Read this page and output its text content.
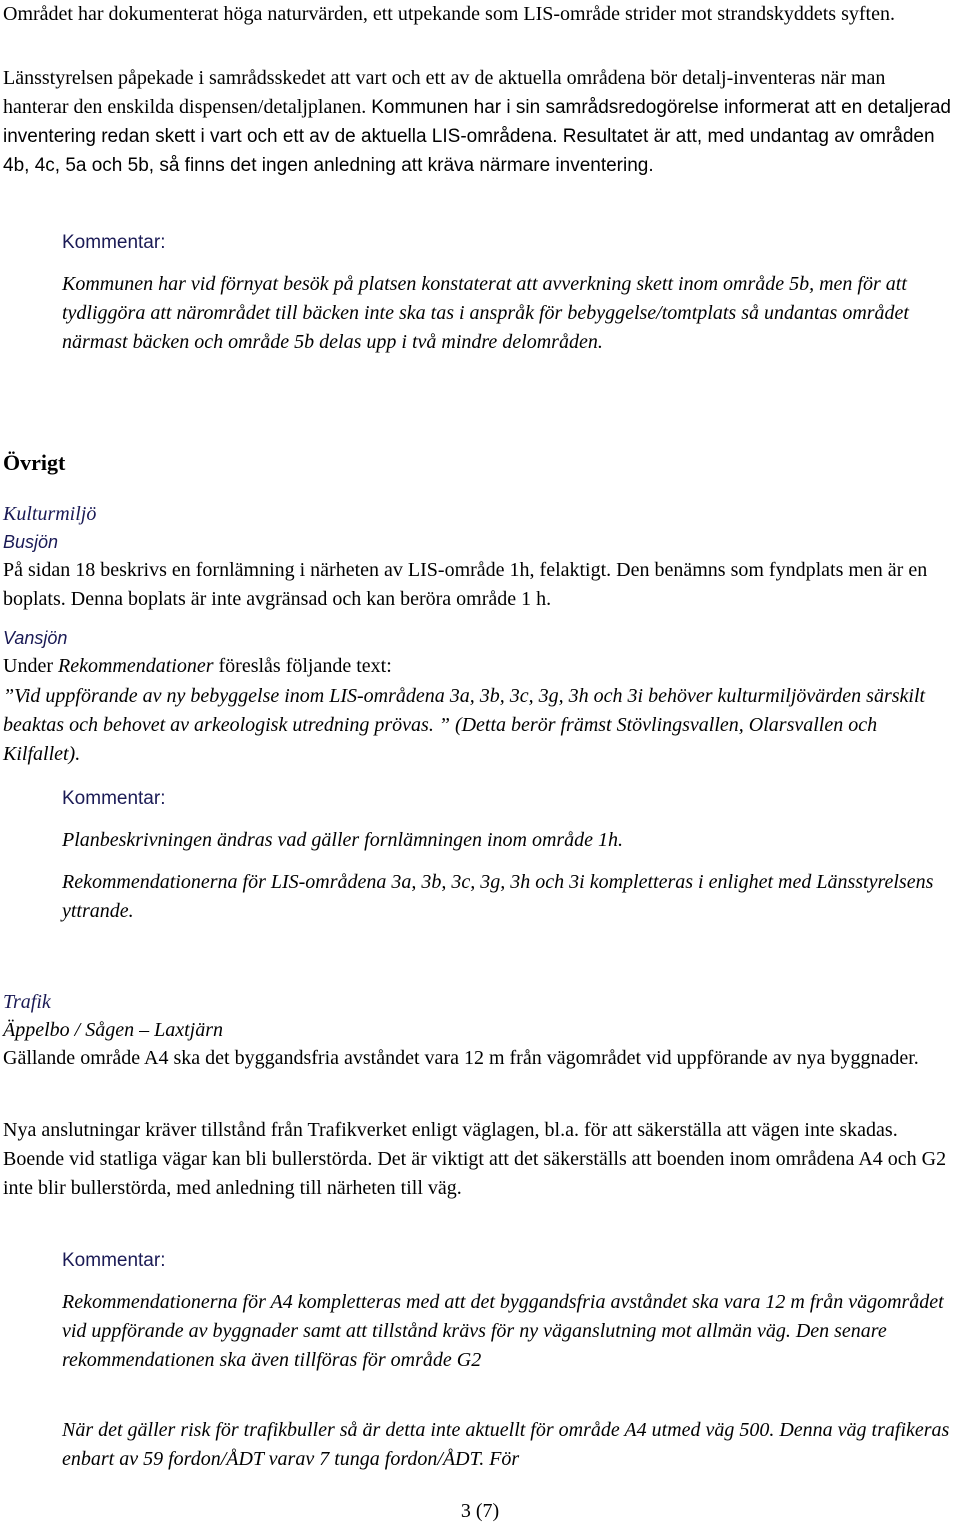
Området har dokumenterat höga naturvärden, ett utpekande som LIS-område strider mot strandskyddets syften.

Länsstyrelsen påpekade i samrådsskedet att vart och ett av de aktuella områdena bör detalj-inventeras när man hanterar den enskilda dispensen/detaljplanen. Kommunen har i sin samrådsredogörelse informerat att en detaljerad inventering redan skett i vart och ett av de aktuella LIS-områdena. Resultatet är att, med undantag av områden 4b, 4c, 5a och 5b, så finns det ingen anledning att kräva närmare inventering.

Kommentar:

Kommunen har vid förnyat besök på platsen konstaterat att avverkning skett inom område 5b, men för att tydliggöra att närområdet till bäcken inte ska tas i anspråk för bebyggelse/tomtplats så undantas området närmast bäcken och område 5b delas upp i två mindre delområden.

Övrigt

Kulturmiljö

Busjön

På sidan 18 beskrivs en fornlämning i närheten av LIS-område 1h, felaktigt. Den benämns som fyndplats men är en boplats. Denna boplats är inte avgränsad och kan beröra område 1 h.

Vansjön

Under Rekommendationer föreslås följande text:

”Vid uppförande av ny bebyggelse inom LIS-områdena 3a, 3b, 3c, 3g, 3h och 3i behöver kulturmiljövärden särskilt beaktas och behovet av arkeologisk utredning prövas. ” (Detta berör främst Stövlingsvallen, Olarsvallen och Kilfallet).

Kommentar:

Planbeskrivningen ändras vad gäller fornlämningen inom område 1h.

Rekommendationerna för LIS-områdena 3a, 3b, 3c, 3g, 3h och 3i kompletteras i enlighet med Länsstyrelsens yttrande.

Trafik

Äppelbo / Sågen – Laxtjärn

Gällande område A4 ska det byggandsfria avståndet vara 12 m från vägområdet vid uppförande av nya byggnader.

Nya anslutningar kräver tillstånd från Trafikverket enligt väglagen, bl.a. för att säkerställa att vägen inte skadas. Boende vid statliga vägar kan bli bullerstörda. Det är viktigt att det säkerställs att boenden inom områdena A4 och G2 inte blir bullerstörda, med anledning till närheten till väg.

Kommentar:

Rekommendationerna för A4 kompletteras med att det byggandsfria avståndet ska vara 12 m från vägområdet vid uppförande av byggnader samt att tillstånd krävs för ny väganslutning mot allmän väg. Den senare rekommendationen ska även tillföras för område G2

När det gäller risk för trafikbuller så är detta inte aktuellt för område A4 utmed väg 500. Denna väg trafikeras enbart av 59 fordon/ÅDT varav 7 tunga fordon/ÅDT. För

3 (7)
